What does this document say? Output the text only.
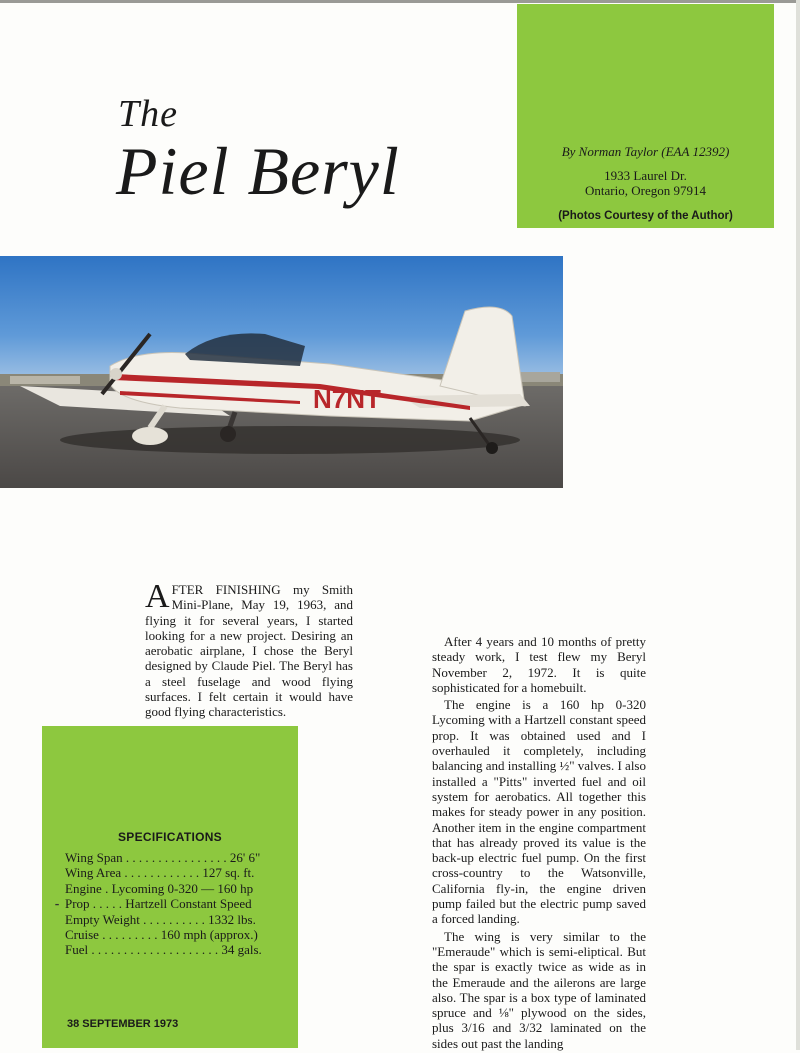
The
Piel Beryl	By Norman Taylor (EAA 12392)
1933 Laurel Dr.
Ontario, Oregon 97914
(Photos Courtesy of the Author)
N7NT

AFTER FINISHING my Smith Mini-Plane, May 19, 1963, and flying it for several years, I started looking for a new project. Desiring an aerobatic airplane, I chose the Beryl designed by Claude Piel. The Beryl has a steel fuselage and wood flying surfaces. I felt certain it would have good flying characteristics.

After 4 years and 10 months of pretty steady work, I test flew my Beryl November 2, 1972. It is quite sophisticated for a homebuilt.

The engine is a 160 hp 0-320 Lycoming with a Hartzell constant speed prop. It was obtained used and I overhauled it completely, including balancing and installing ½" valves. I also installed a "Pitts" inverted fuel and oil system for aerobatics. All together this makes for steady power in any position. Another item in the engine compartment that has already proved its value is the back-up electric fuel pump. On the first cross-country to the Watsonville, California fly-in, the engine driven pump failed but the electric pump saved a forced landing.

The wing is very similar to the "Emeraude" which is semi-eliptical. But the spar is exactly twice as wide as in the Emeraude and the ailerons are large also. The spar is a box type of laminated spruce and ⅛" plywood on the sides, plus 3/16 and 3/32 laminated on the sides out past the landing

SPECIFICATIONS
Wing Span . . . . . . . . . . . . . . . . 26' 6"
Wing Area . . . . . . . . . . . . 127 sq. ft.
Engine . Lycoming 0-320 — 160 hp
Prop . . . . . Hartzell Constant Speed
Empty Weight . . . . . . . . . . 1332 lbs.
Cruise . . . . . . . . . 160 mph (approx.)
Fuel . . . . . . . . . . . . . . . . . . . . 34 gals.
⁃
38 SEPTEMBER 1973
